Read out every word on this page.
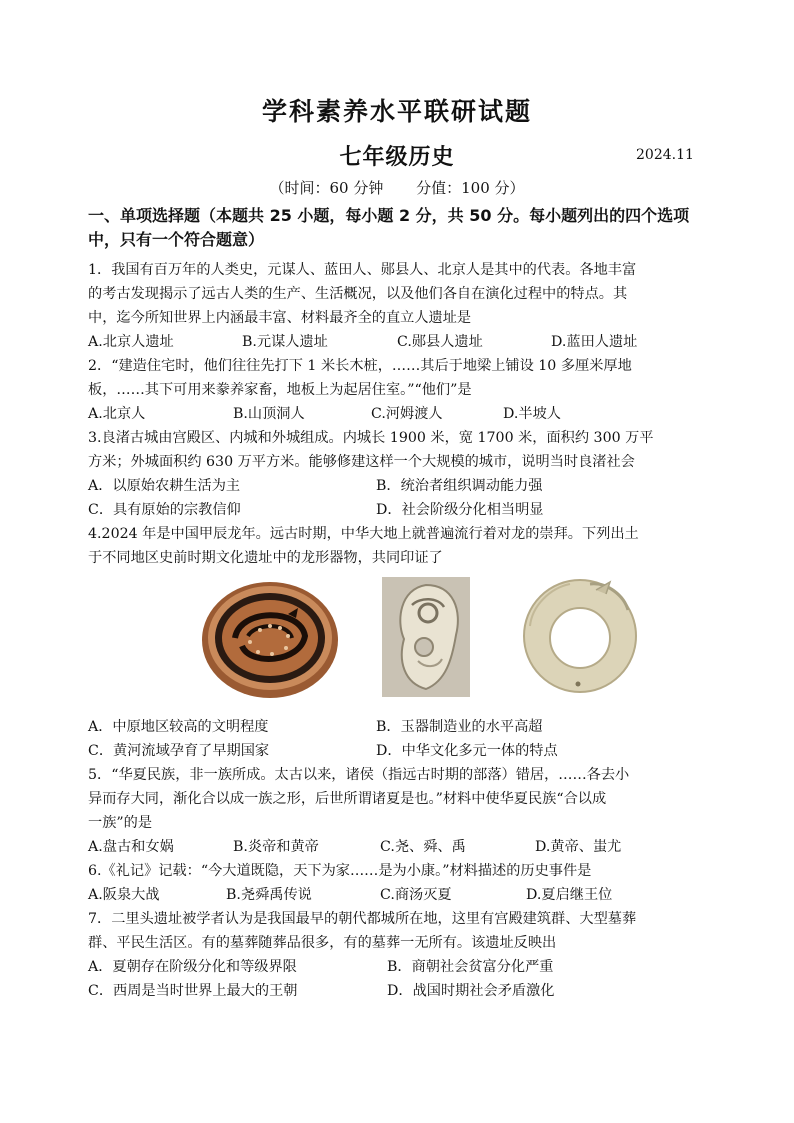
学科素养水平联研试题
七年级历史	2024.11
（时间：60 分钟 分值：100 分）
一、单项选择题（本题共 25 小题，每小题 2 分，共 50 分。每小题列出的四个选项中，只有一个符合题意）
1．我国有百万年的人类史，元谋人、蓝田人、郧县人、北京人是其中的代表。各地丰富
的考古发现揭示了远古人类的生产、生活概况，以及他们各自在演化过程中的特点。其
中，迄今所知世界上内涵最丰富、材料最齐全的直立人遗址是
A.北京人遗址	B.元谋人遗址	C.郧县人遗址	D.蓝田人遗址
2．“建造住宅时，他们往往先打下 1 米长木桩，……其后于地梁上铺设 10 多厘米厚地
板，……其下可用来豢养家畜，地板上为起居住室。”“他们”是
A.北京人	B.山顶洞人	C.河姆渡人	D.半坡人
3.良渚古城由宫殿区、内城和外城组成。内城长 1900 米，宽 1700 米，面积约 300 万平
方米；外城面积约 630 万平方米。能够修建这样一个大规模的城市，说明当时良渚社会
A．以原始农耕生活为主	B．统治者组织调动能力强
C．具有原始的宗教信仰	D．社会阶级分化相当明显
4.2024 年是中国甲辰龙年。远古时期，中华大地上就普遍流行着对龙的崇拜。下列出土
于不同地区史前时期文化遗址中的龙形器物，共同印证了
A．中原地区较高的文明程度	B．玉器制造业的水平高超
C．黄河流域孕育了早期国家	D．中华文化多元一体的特点
5．“华夏民族，非一族所成。太古以来，诸侯（指远古时期的部落）错居，……各去小
异而存大同，渐化合以成一族之形，后世所谓诸夏是也。”材料中使华夏民族“合以成
一族”的是
A.盘古和女娲	B.炎帝和黄帝	C.尧、舜、禹	D.黄帝、蚩尤
6.《礼记》记载：“今大道既隐，天下为家……是为小康。”材料描述的历史事件是
A.阪泉大战	B.尧舜禹传说	C.商汤灭夏	D.夏启继王位
7．二里头遗址被学者认为是我国最早的朝代都城所在地，这里有宫殿建筑群、大型墓葬
群、平民生活区。有的墓葬随葬品很多，有的墓葬一无所有。该遗址反映出
A．夏朝存在阶级分化和等级界限	B．商朝社会贫富分化严重
C．西周是当时世界上最大的王朝	D．战国时期社会矛盾激化
